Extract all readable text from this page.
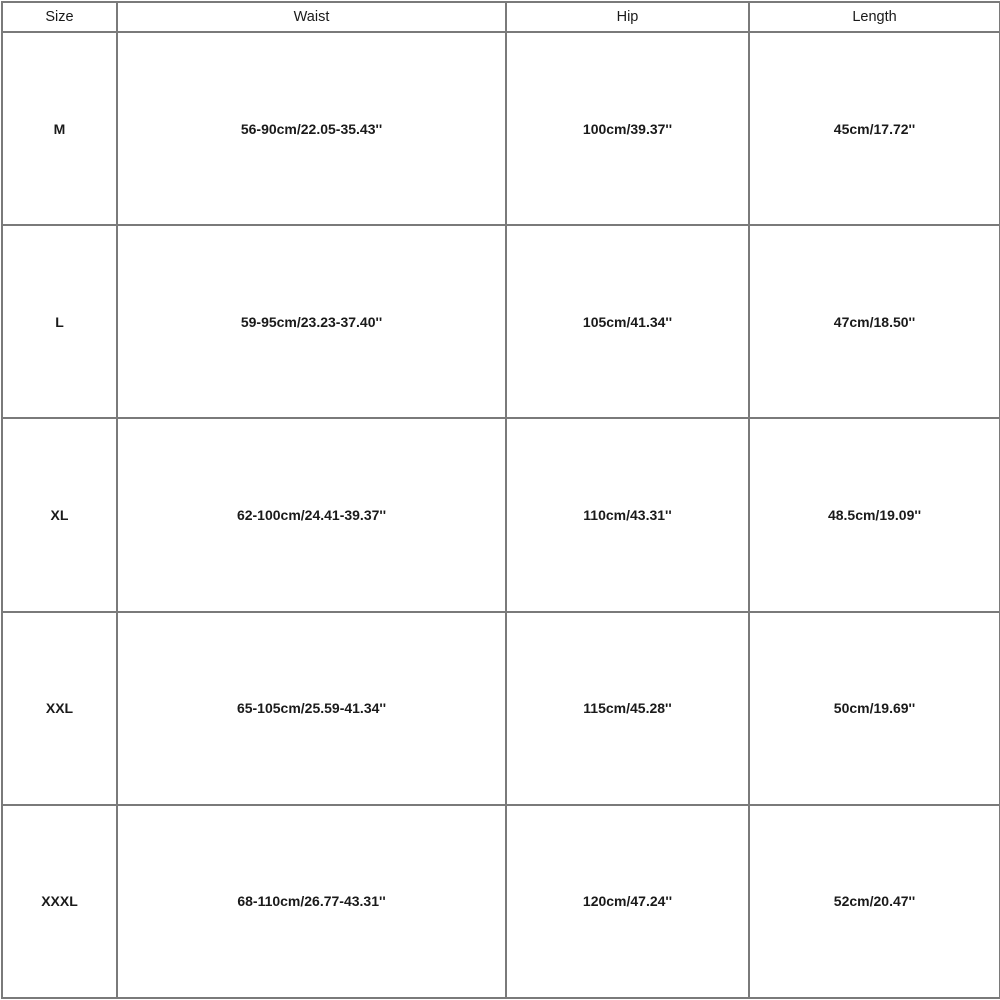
Size	Waist	Hip	Length
M	56-90cm/22.05-35.43''	100cm/39.37''	45cm/17.72''
L	59-95cm/23.23-37.40''	105cm/41.34''	47cm/18.50''
XL	62-100cm/24.41-39.37''	110cm/43.31''	48.5cm/19.09''
XXL	65-105cm/25.59-41.34''	115cm/45.28''	50cm/19.69''
XXXL	68-110cm/26.77-43.31''	120cm/47.24''	52cm/20.47''
